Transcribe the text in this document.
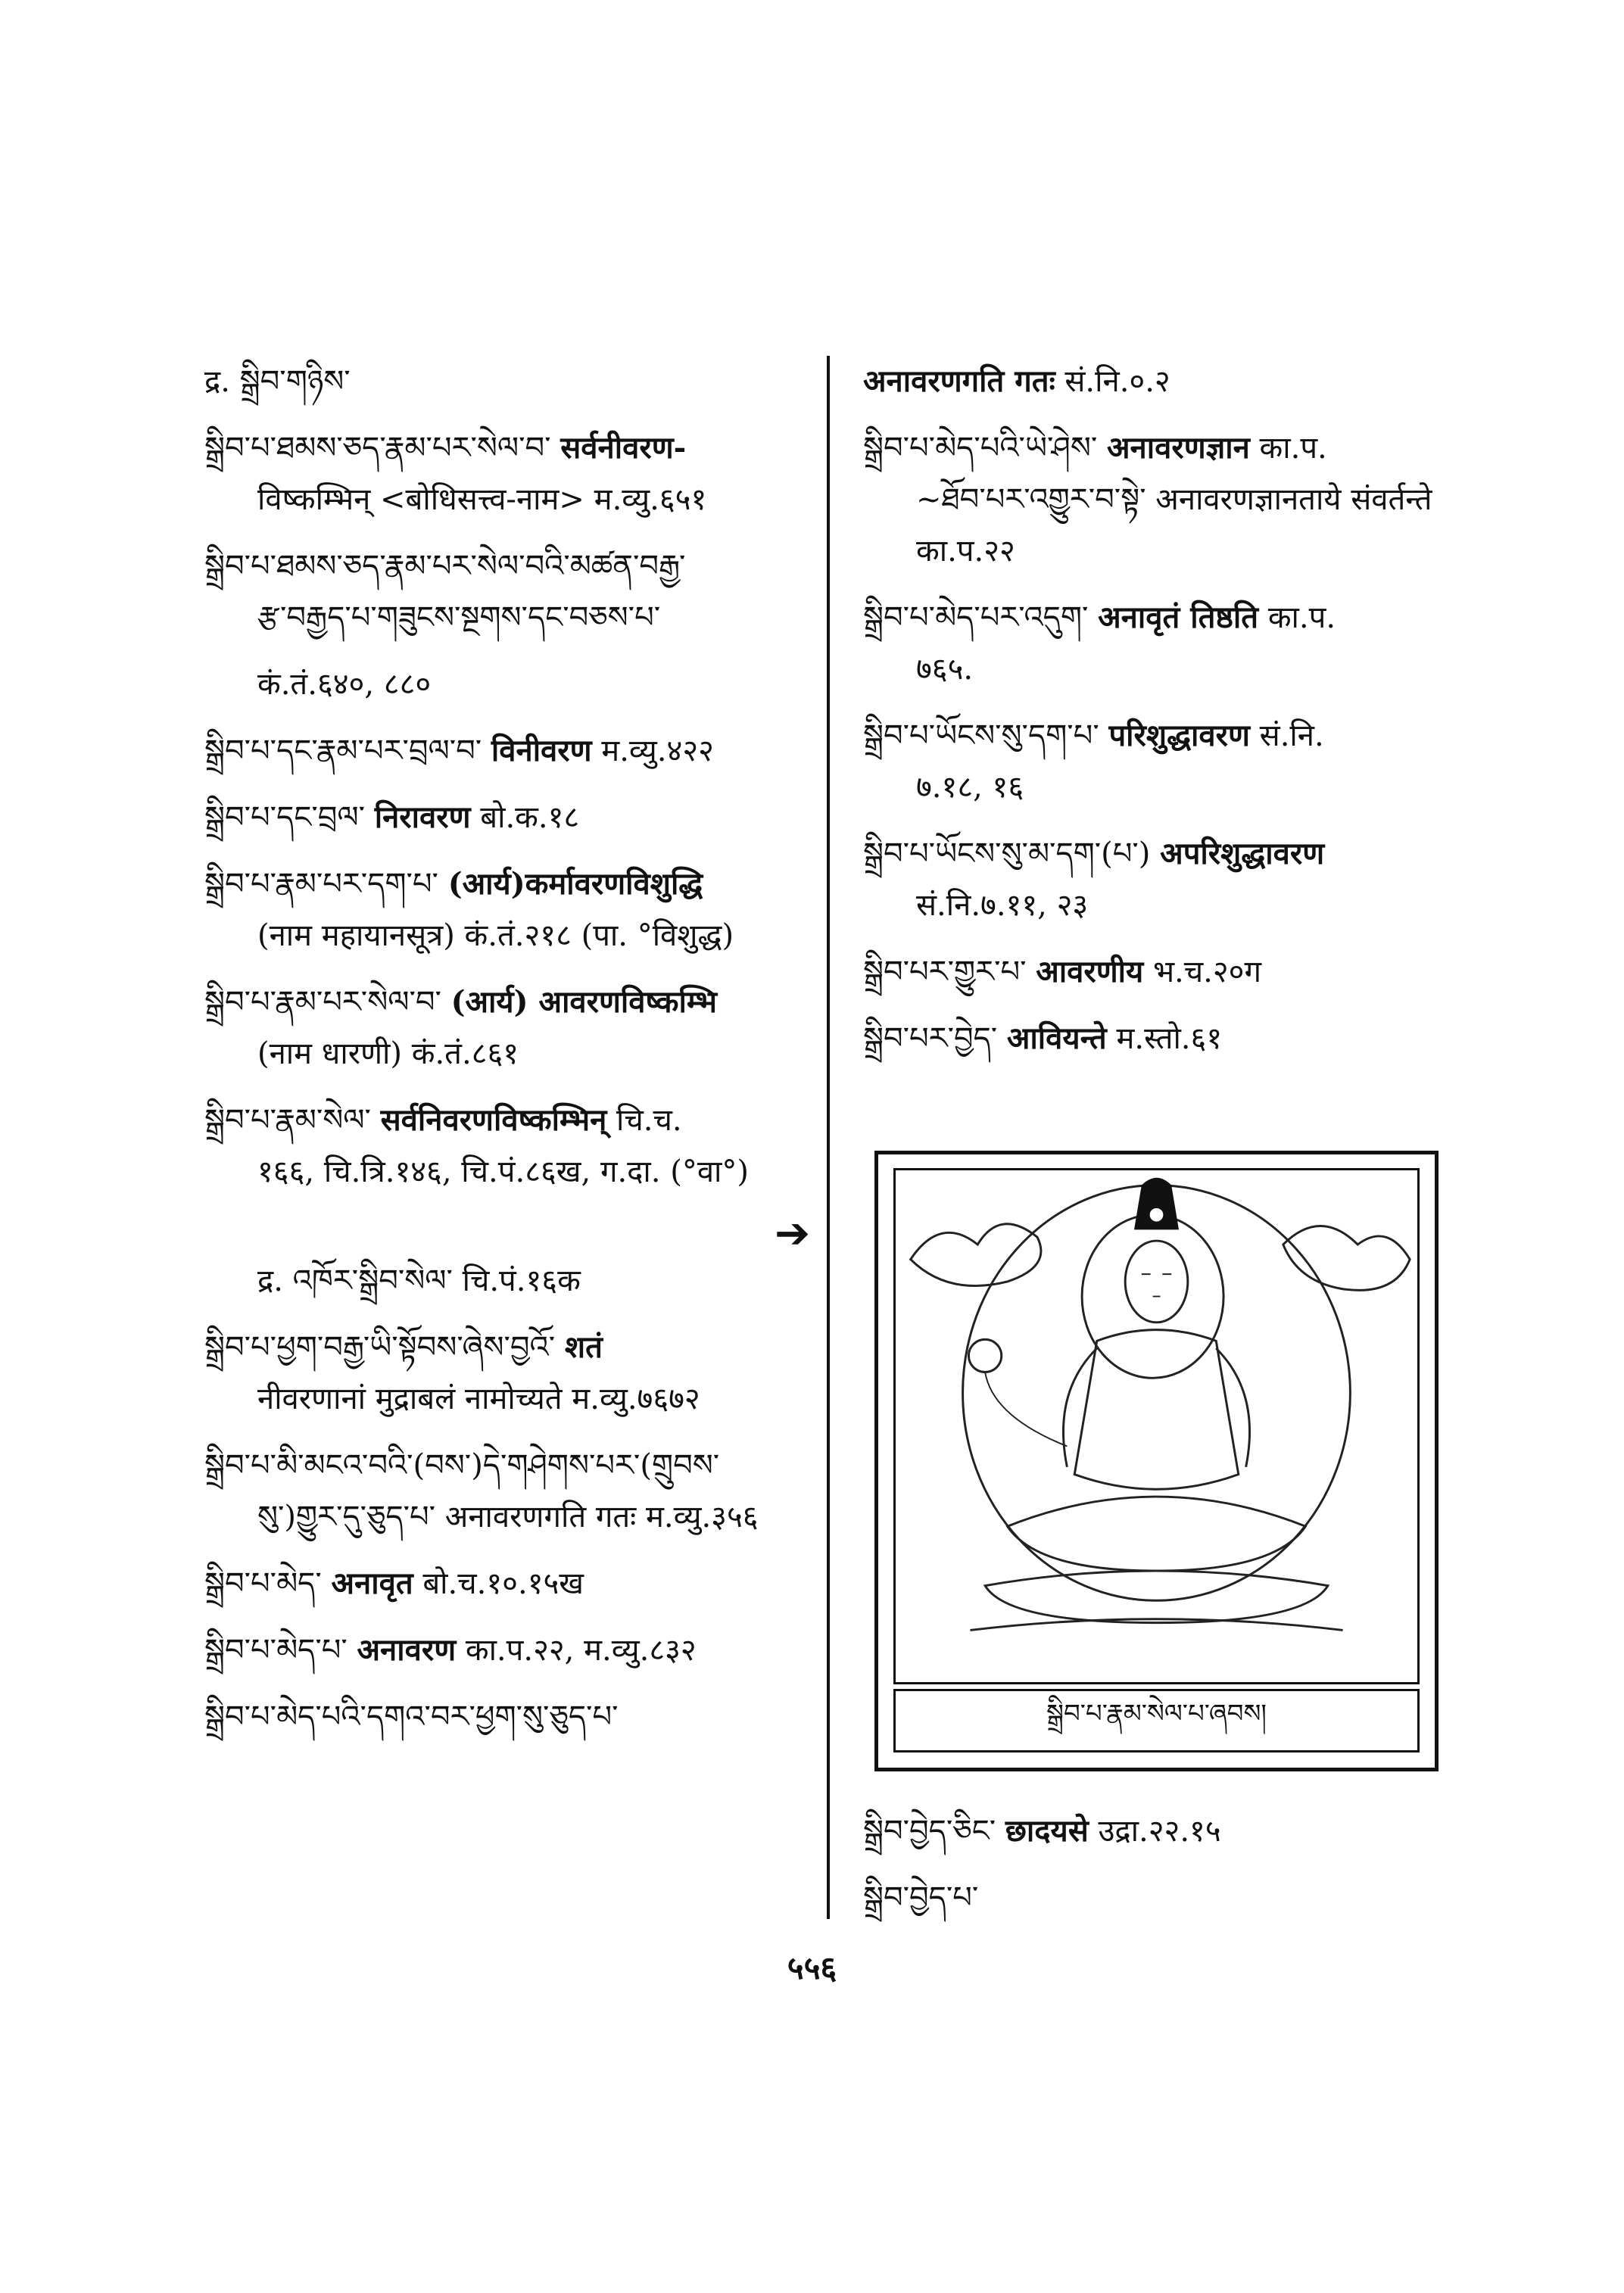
द्र. སྒྲིབ་གཉིས་
སྒྲིབ་པ་ཐམས་ཅད་རྣམ་པར་སེལ་བ་ सर्वनीवरण-
विष्कम्भिन् <बोधिसत्त्व-नाम> म.व्यु.६५१
སྒྲིབ་པ་ཐམས་ཅད་རྣམ་པར་སེལ་བའི་མཚན་བརྒྱ་
རྩ་བརྒྱད་པ་གཟུངས་སྔགས་དང་བཅས་པ་
कं.तं.६४०, ८८०
སྒྲིབ་པ་དང་རྣམ་པར་བྲལ་བ་ विनीवरण म.व्यु.४२२
སྒྲིབ་པ་དང་བྲལ་ निरावरण बो.क.१८
སྒྲིབ་པ་རྣམ་པར་དག་པ་ (आर्य)कर्मावरणविशुद्धि
(नाम महायानसूत्र) कं.तं.२१८ (पा. °विशुद्ध)
སྒྲིབ་པ་རྣམ་པར་སེལ་བ་ (आर्य) आवरणविष्कम्भि
(नाम धारणी) कं.तं.८६१
སྒྲིབ་པ་རྣམ་སེལ་ सर्वनिवरणविष्कम्भिन् चि.च.
१६६, चि.त्रि.१४६, चि.पं.८६ख, ग.दा. (°वा°)
➔
द्र. འཁོར་སྒྲིབ་སེལ་ चि.पं.१६क
སྒྲིབ་པ་ཕྱག་བརྒྱ་ཡི་སྟོབས་ཞེས་བྱའོ་ शतं
नीवरणानां मुद्राबलं नामोच्यते म.व्यु.७६७२
སྒྲིབ་པ་མི་མངའ་བའི་(བས་)དེ་གཤེགས་པར་(གྲུབས་
སུ་)གྱུར་དུ་ཅུད་པ་ अनावरणगति गतः म.व्यु.३५६
སྒྲིབ་པ་མེད་ अनावृत बो.च.१०.१५ख
སྒྲིབ་པ་མེད་པ་ अनावरण का.प.२२, म.व्यु.८३२
སྒྲིབ་པ་མེད་པའི་དགའ་བར་ཕྱག་སུ་ཅུད་པ་
अनावरणगति गतः सं.नि.०.२
སྒྲིབ་པ་མེད་པའི་ཡེ་ཤེས་ अनावरणज्ञान का.प.
~ཐོབ་པར་འགྱུར་བ་སྟེ་ अनावरणज्ञानताये संवर्तन्ते का.प.२२
སྒྲིབ་པ་མེད་པར་འདུག་ अनावृतं तिष्ठति का.प.
७६५.
སྒྲིབ་པ་ཡོངས་སུ་དག་པ་ परिशुद्धावरण सं.नि.
७.१८, १६
སྒྲིབ་པ་ཡོངས་སུ་མ་དག་(པ་) अपरिशुद्धावरण
सं.नि.७.११, २३
སྒྲིབ་པར་གྱུར་པ་ आवरणीय भ.च.२०ग
སྒྲིབ་པར་བྱེད་ आवियन्ते म.स्तो.६१
སྒྲིབ་པ་རྣམ་སེལ་པ་ཞབས།
སྒྲིབ་བྱེད་ཅིང་ छादयसे उद्रा.२२.१५
སྒྲིབ་བྱེད་པ་
५५६
